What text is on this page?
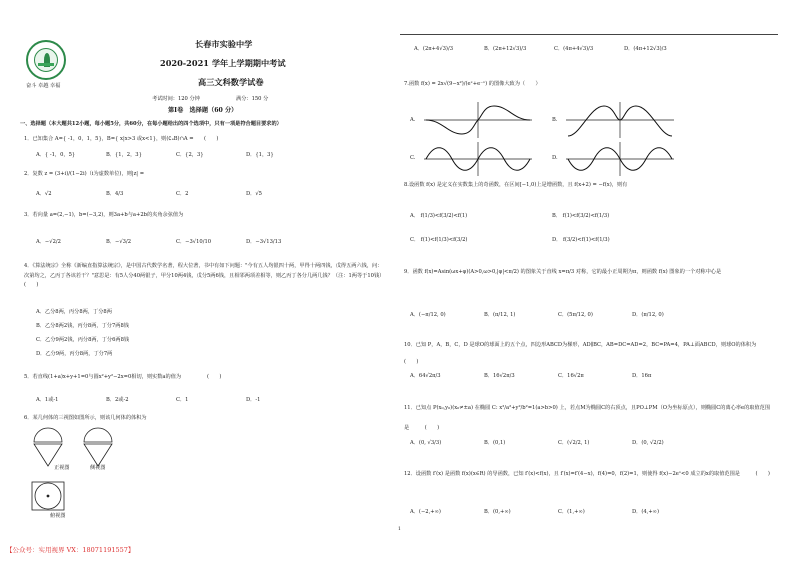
奋斗 卓越 幸福
长春市实验中学
2020-2021 学年上学期期中考试
高三文科数学试卷
考试时间：120 分钟	满分：150 分
第Ⅰ卷　选择题（60 分）
一、选择题（本大题共12小题，每小题5分，共60分，在每小题给出的四个选项中，只有一项是符合题目要求的）
1．已知集合 A={ -1，0，1，5}，B={ x|x>3 或x<1}，则(∁ₐB)∩A =　　(　　)
A．{ -1，0，5}	B．{1，2，3}	C．{2，3}	D．{1，3}
2．复数 z = (3+i)/(1−2i)（i为虚数单位)，则|z| =
A．√2	B．4/3	C．2	D．√5
3．若向量 a=(2,−1)，b=(−3,2)，则3a+b与a+2b的夹角余弦值为
A．−√2/2	B．−√3/2	C．−3√10/10	D．−3√13/13
4．《算法统宗》全称《新编直指算法统宗》，是中国古代数学名著，程大位著，书中有如下问题："今有五人均银四十两，甲得十两四钱，戊得五两六钱，问：次第均之，乙丙丁各该若干？"意思是：有5人分40两银子，甲分10两4钱，戊分5两6钱，且相邻两项差相等，则乙丙丁各分几两几钱？（注：1两等于10钱）　　　　　　(　　)
A．乙分8两，丙分8两，丁分8两
B．乙分8两2钱，丙分8两，丁分7两8钱
C．乙分9两2钱，丙分8两，丁分6两8钱
D．乙分9两，丙分8两，丁分7两
5．若直线(1+a)x+y+1=0与圆x²+y²−2x=0相切，则实数a的值为　　　　　(　　)
A．1或-1	B．2或-2	C．1	D．-1
6．某几何体的三视图如图所示，则该几何体的体积为
正视图	侧视图
俯视图
A．(2π+4√3)/3	B．(2π+12√3)/3	C．(4π+4√3)/3	D．(4π+12√3)/3
7.函数 f(x) = 2x√(9−x²)/(eˣ+e⁻ˣ) 的图像大致为（　　）
A.	B.
C.	D.
8.设函数 f(x) 是定义在实数集上的奇函数，在区间[−1,0)上是增函数，且 f(x+2) = −f(x)，则有
A． f(1/3)<f(3/2)<f(1)	B． f(1)<f(3/2)<f(1/3)
C． f(1)<f(1/3)<f(3/2)	D． f(3/2)<f(1)<f(1/3)
9．函数 f(x)=Asin(ωx+φ)(A>0,ω>0,|φ|<π/2) 的图象关于直线 x=π/3 对称，它的最小正周期为π，则函数 f(x) 图象的一个对称中心是
A．(−π/12, 0)	B．(π/12, 1)	C．(5π/12, 0)	D．(π/12, 0)
10．已知 P，A，B，C，D 是球O的球面上的五个点，四边形ABCD为梯形，AD∥BC，AB=DC=AD=2，BC=PA=4，PA⊥面ABCD，则球O的体积为　　　(　　)
A．64√2π/3	B．16√2π/3	C．16√2π	D．16π
11．已知点 P(x₀,y₀)(x₀≠±a) 在椭圆 C: x²/a²+y²/b²=1(a>b>0) 上，若点M为椭圆C的右顶点，且PO⊥PM（O为坐标原点），则椭圆C的离心率e的取值范围是　　　(　　)
A．(0, √3/3)	B．(0,1)	C．(√2/2, 1)	D．(0, √2/2)
12．设函数 f′(x) 是函数 f(x)(x∈R) 的导函数，已知 f′(x)<f(x)，且 f′(x)=f′(4−x)，f(4)=0，f(2)=1，则使得 f(x)−2eˣ<0 成立的x的取值范围是　　　(　　)
A．(−2,+∞)	B．(0,+∞)	C．(1,+∞)	D．(4,+∞)
1
【公众号：实用视界 VX：18071191557】
